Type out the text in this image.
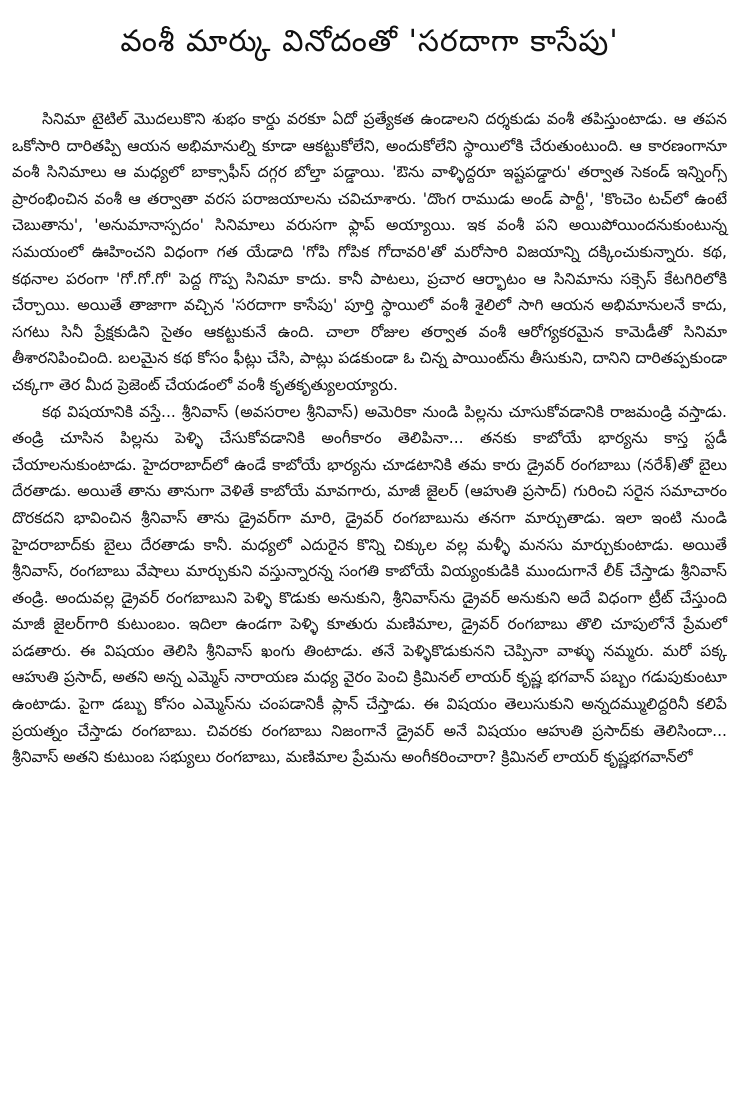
వంశీ మార్కు వినోదంతో 'సరదాగా కాసేపు'

సినిమా టైటిల్ మొదలుకొని శుభం కార్డు వరకూ ఏదో ప్రత్యేకత ఉండాలని దర్శకుడు వంశీ తపిస్తుంటాడు. ఆ తపన ఒకోసారి దారితప్పి ఆయన అభిమానుల్ని కూడా ఆకట్టుకోలేని, అందుకోలేని స్థాయిలోకి చేరుతుంటుంది. ఆ కారణంగానూ వంశీ సినిమాలు ఆ మధ్యలో బాక్సాఫీస్ దగ్గర బోల్తా పడ్డాయి. 'ఔను వాళ్ళిద్దరూ ఇష్టపడ్డారు' తర్వాత సెకండ్ ఇన్నింగ్స్ ప్రారంభించిన వంశీ ఆ తర్వాతా వరస పరాజయాలను చవిచూశారు. 'దొంగ రాముడు అండ్ పార్టీ', 'కొంచెం టచ్‌లో ఉంటే చెబుతాను', 'అనుమానాస్పదం' సినిమాలు వరుసగా ఫ్లాప్ అయ్యాయి. ఇక వంశీ పని అయిపోయిందనుకుంటున్న సమయంలో ఊహించని విధంగా గత యేడాది 'గోపి గోపిక గోదావరి'తో మరోసారి విజయాన్ని దక్కించుకున్నారు. కథ, కథనాల పరంగా 'గో.గో.గో' పెద్ద గొప్ప సినిమా కాదు. కానీ పాటలు, ప్రచార ఆర్భాటం ఆ సినిమాను సక్సెస్ కేటగిరిలోకి చేర్చాయి. అయితే తాజాగా వచ్చిన 'సరదాగా కాసేపు' పూర్తి స్థాయిలో వంశీ శైలిలో సాగి ఆయన అభిమానులనే కాదు, సగటు సినీ ప్రేక్షకుడిని సైతం ఆకట్టుకునే ఉంది. చాలా రోజుల తర్వాత వంశీ ఆరోగ్యకరమైన కామెడీతో సినిమా తీశారనిపించింది. బలమైన కథ కోసం ఫీట్లు చేసి, పాట్లు పడకుండా ఓ చిన్న పాయింట్‌ను తీసుకుని, దానిని దారితప్పకుండా చక్కగా తెర మీద ప్రెజెంట్ చేయడంలో వంశీ కృతకృత్యులయ్యారు.

కథ విషయానికి వస్తే... శ్రీనివాస్ (అవసరాల శ్రీనివాస్) అమెరికా నుండి పిల్లను చూసుకోవడానికి రాజమండ్రి వస్తాడు. తండ్రి చూసిన పిల్లను పెళ్ళి చేసుకోవడానికి అంగీకారం తెలిపినా... తనకు కాబోయే భార్యను కాస్త స్టడీ చేయాలనుకుంటాడు. హైదరాబాద్‌లో ఉండే కాబోయే భార్యను చూడటానికి తమ కారు డ్రైవర్ రంగబాబు (నరేశ్)తో బైలు దేరతాడు. అయితే తాను తానుగా వెళితే కాబోయే మావగారు, మాజీ జైలర్ (ఆహుతి ప్రసాద్) గురించి సరైన సమాచారం దొరకదని భావించిన శ్రీనివాస్ తాను డ్రైవర్‌గా మారి, డ్రైవర్ రంగబాబును తనగా మార్చుతాడు. ఇలా ఇంటి నుండి హైదరాబాద్‌కు బైలు దేరతాడు కానీ. మధ్యలో ఎదురైన కొన్ని చిక్కుల వల్ల మళ్ళీ మనసు మార్చుకుంటాడు. అయితే శ్రీనివాస్, రంగబాబు వేషాలు మార్చుకుని వస్తున్నారన్న సంగతి కాబోయే వియ్యంకుడికి ముందుగానే లీక్ చేస్తాడు శ్రీనివాస్ తండ్రి. అందువల్ల డ్రైవర్ రంగబాబుని పెళ్ళి కొడుకు అనుకుని, శ్రీనివాస్‌ను డ్రైవర్ అనుకుని అదే విధంగా ట్రీట్ చేస్తుంది మాజీ జైలర్‌గారి కుటుంబం. ఇదిలా ఉండగా పెళ్ళి కూతురు మణిమాల, డ్రైవర్ రంగబాబు తొలి చూపులోనే ప్రేమలో పడతారు. ఈ విషయం తెలిసి శ్రీనివాస్ ఖంగు తింటాడు. తనే పెళ్ళికొడుకునని చెప్పినా వాళ్ళు నమ్మరు. మరో పక్క ఆహుతి ప్రసాద్, అతని అన్న ఎమ్మెస్ నారాయణ మధ్య వైరం పెంచి క్రిమినల్ లాయర్ కృష్ణ భగవాన్ పబ్బం గడుపుకుంటూ ఉంటాడు. పైగా డబ్బు కోసం ఎమ్మెస్‌ను చంపడానికీ ప్లాన్ చేస్తాడు. ఈ విషయం తెలుసుకుని అన్నదమ్ములిద్దరినీ కలిపే ప్రయత్నం చేస్తాడు రంగబాబు. చివరకు రంగబాబు నిజంగానే డ్రైవర్ అనే విషయం ఆహుతి ప్రసాద్‌కు తెలిసిందా... శ్రీనివాస్ అతని కుటుంబ సభ్యులు రంగబాబు, మణిమాల ప్రేమను అంగీకరించారా? క్రిమినల్ లాయర్ కృష్ణభగవాన్‌లో
